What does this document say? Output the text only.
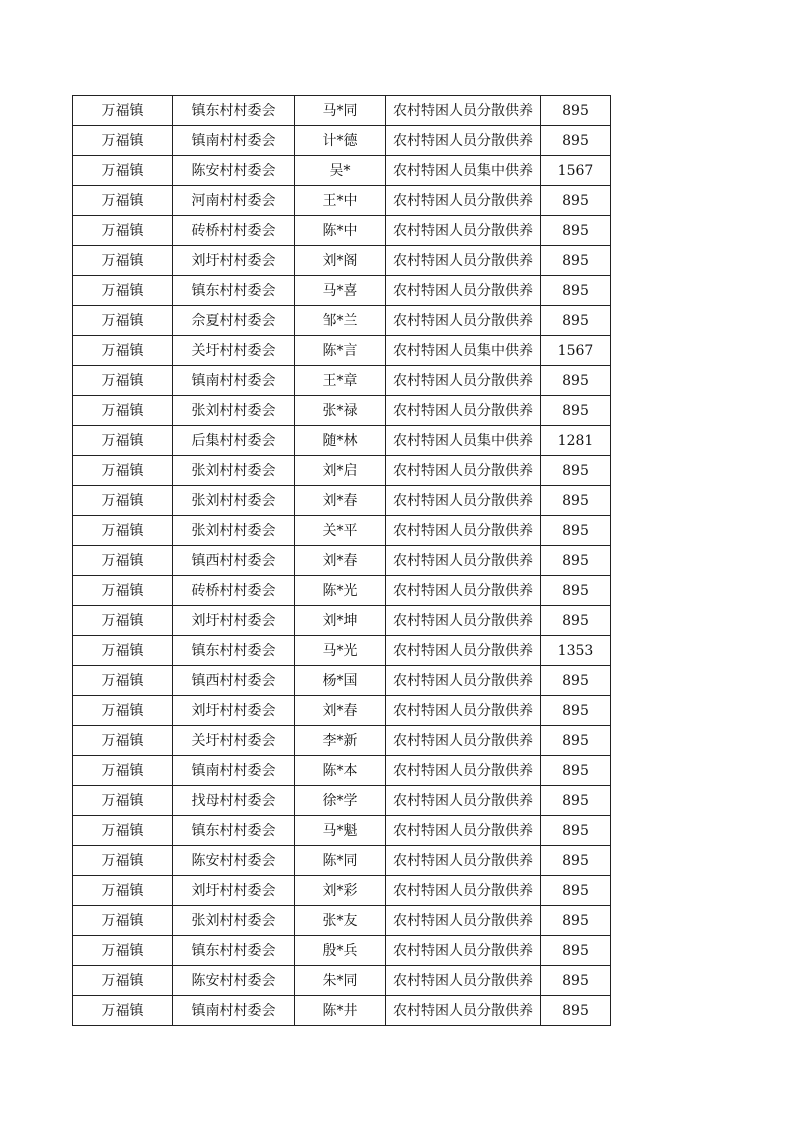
万福镇	镇东村村委会	马*同	农村特困人员分散供养	895
万福镇	镇南村村委会	计*德	农村特困人员分散供养	895
万福镇	陈安村村委会	吴*	农村特困人员集中供养	1567
万福镇	河南村村委会	王*中	农村特困人员分散供养	895
万福镇	砖桥村村委会	陈*中	农村特困人员分散供养	895
万福镇	刘圩村村委会	刘*阁	农村特困人员分散供养	895
万福镇	镇东村村委会	马*喜	农村特困人员分散供养	895
万福镇	佘夏村村委会	邹*兰	农村特困人员分散供养	895
万福镇	关圩村村委会	陈*言	农村特困人员集中供养	1567
万福镇	镇南村村委会	王*章	农村特困人员分散供养	895
万福镇	张刘村村委会	张*禄	农村特困人员分散供养	895
万福镇	后集村村委会	随*林	农村特困人员集中供养	1281
万福镇	张刘村村委会	刘*启	农村特困人员分散供养	895
万福镇	张刘村村委会	刘*春	农村特困人员分散供养	895
万福镇	张刘村村委会	关*平	农村特困人员分散供养	895
万福镇	镇西村村委会	刘*春	农村特困人员分散供养	895
万福镇	砖桥村村委会	陈*光	农村特困人员分散供养	895
万福镇	刘圩村村委会	刘*坤	农村特困人员分散供养	895
万福镇	镇东村村委会	马*光	农村特困人员分散供养	1353
万福镇	镇西村村委会	杨*国	农村特困人员分散供养	895
万福镇	刘圩村村委会	刘*春	农村特困人员分散供养	895
万福镇	关圩村村委会	李*新	农村特困人员分散供养	895
万福镇	镇南村村委会	陈*本	农村特困人员分散供养	895
万福镇	找母村村委会	徐*学	农村特困人员分散供养	895
万福镇	镇东村村委会	马*魁	农村特困人员分散供养	895
万福镇	陈安村村委会	陈*同	农村特困人员分散供养	895
万福镇	刘圩村村委会	刘*彩	农村特困人员分散供养	895
万福镇	张刘村村委会	张*友	农村特困人员分散供养	895
万福镇	镇东村村委会	殷*兵	农村特困人员分散供养	895
万福镇	陈安村村委会	朱*同	农村特困人员分散供养	895
万福镇	镇南村村委会	陈*井	农村特困人员分散供养	895
